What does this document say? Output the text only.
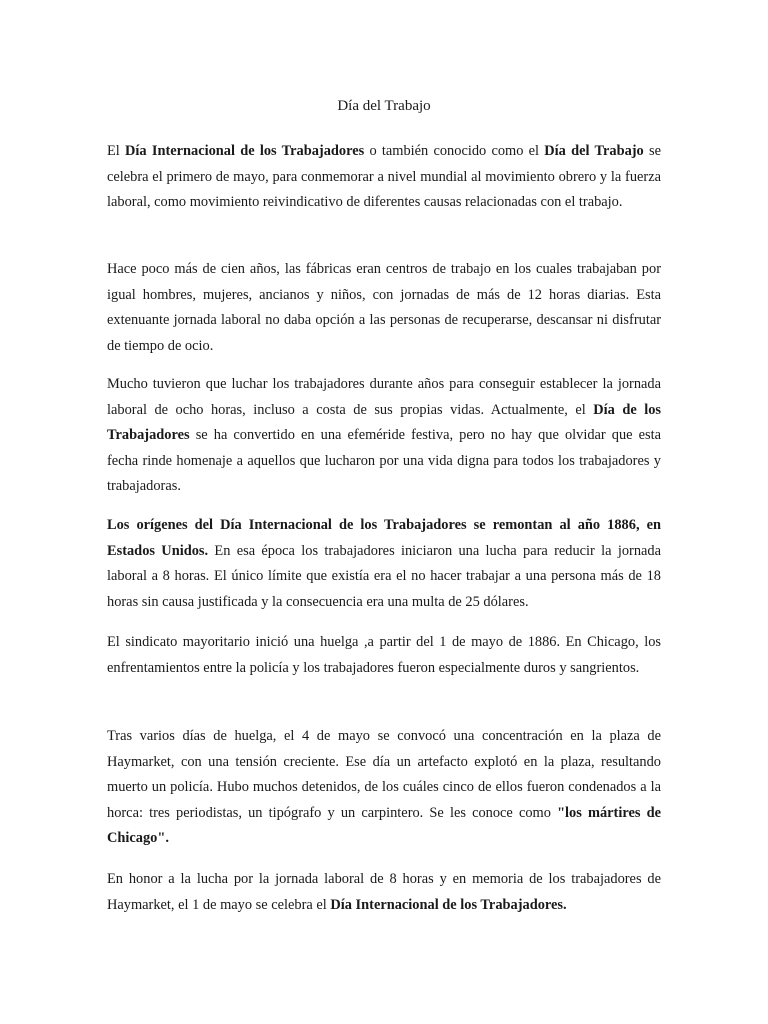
Día del Trabajo

El Día Internacional de los Trabajadores o también conocido como el Día del Trabajo se celebra el primero de mayo, para conmemorar a nivel mundial al movimiento obrero y la fuerza laboral, como movimiento reivindicativo de diferentes causas relacionadas con el trabajo.

Hace poco más de cien años, las fábricas eran centros de trabajo en los cuales trabajaban por igual hombres, mujeres, ancianos y niños, con jornadas de más de 12 horas diarias. Esta extenuante jornada laboral no daba opción a las personas de recuperarse, descansar ni disfrutar de tiempo de ocio.

Mucho tuvieron que luchar los trabajadores durante años para conseguir establecer la jornada laboral de ocho horas, incluso a costa de sus propias vidas. Actualmente, el Día de los Trabajadores se ha convertido en una efeméride festiva, pero no hay que olvidar que esta fecha rinde homenaje a aquellos que lucharon por una vida digna para todos los trabajadores y trabajadoras.

Los orígenes del Día Internacional de los Trabajadores se remontan al año 1886, en Estados Unidos. En esa época los trabajadores iniciaron una lucha para reducir la jornada laboral a 8 horas. El único límite que existía era el no hacer trabajar a una persona más de 18 horas sin causa justificada y la consecuencia era una multa de 25 dólares.

El sindicato mayoritario inició una huelga ,a partir del 1 de mayo de 1886. En Chicago, los enfrentamientos entre la policía y los trabajadores fueron especialmente duros y sangrientos.

Tras varios días de huelga, el 4 de mayo se convocó una concentración en la plaza de Haymarket, con una tensión creciente. Ese día un artefacto explotó en la plaza, resultando muerto un policía. Hubo muchos detenidos, de los cuáles cinco de ellos fueron condenados a la horca: tres periodistas, un tipógrafo y un carpintero. Se les conoce como "los mártires de Chicago".

En honor a la lucha por la jornada laboral de 8 horas y en memoria de los trabajadores de Haymarket, el 1 de mayo se celebra el Día Internacional de los Trabajadores.
